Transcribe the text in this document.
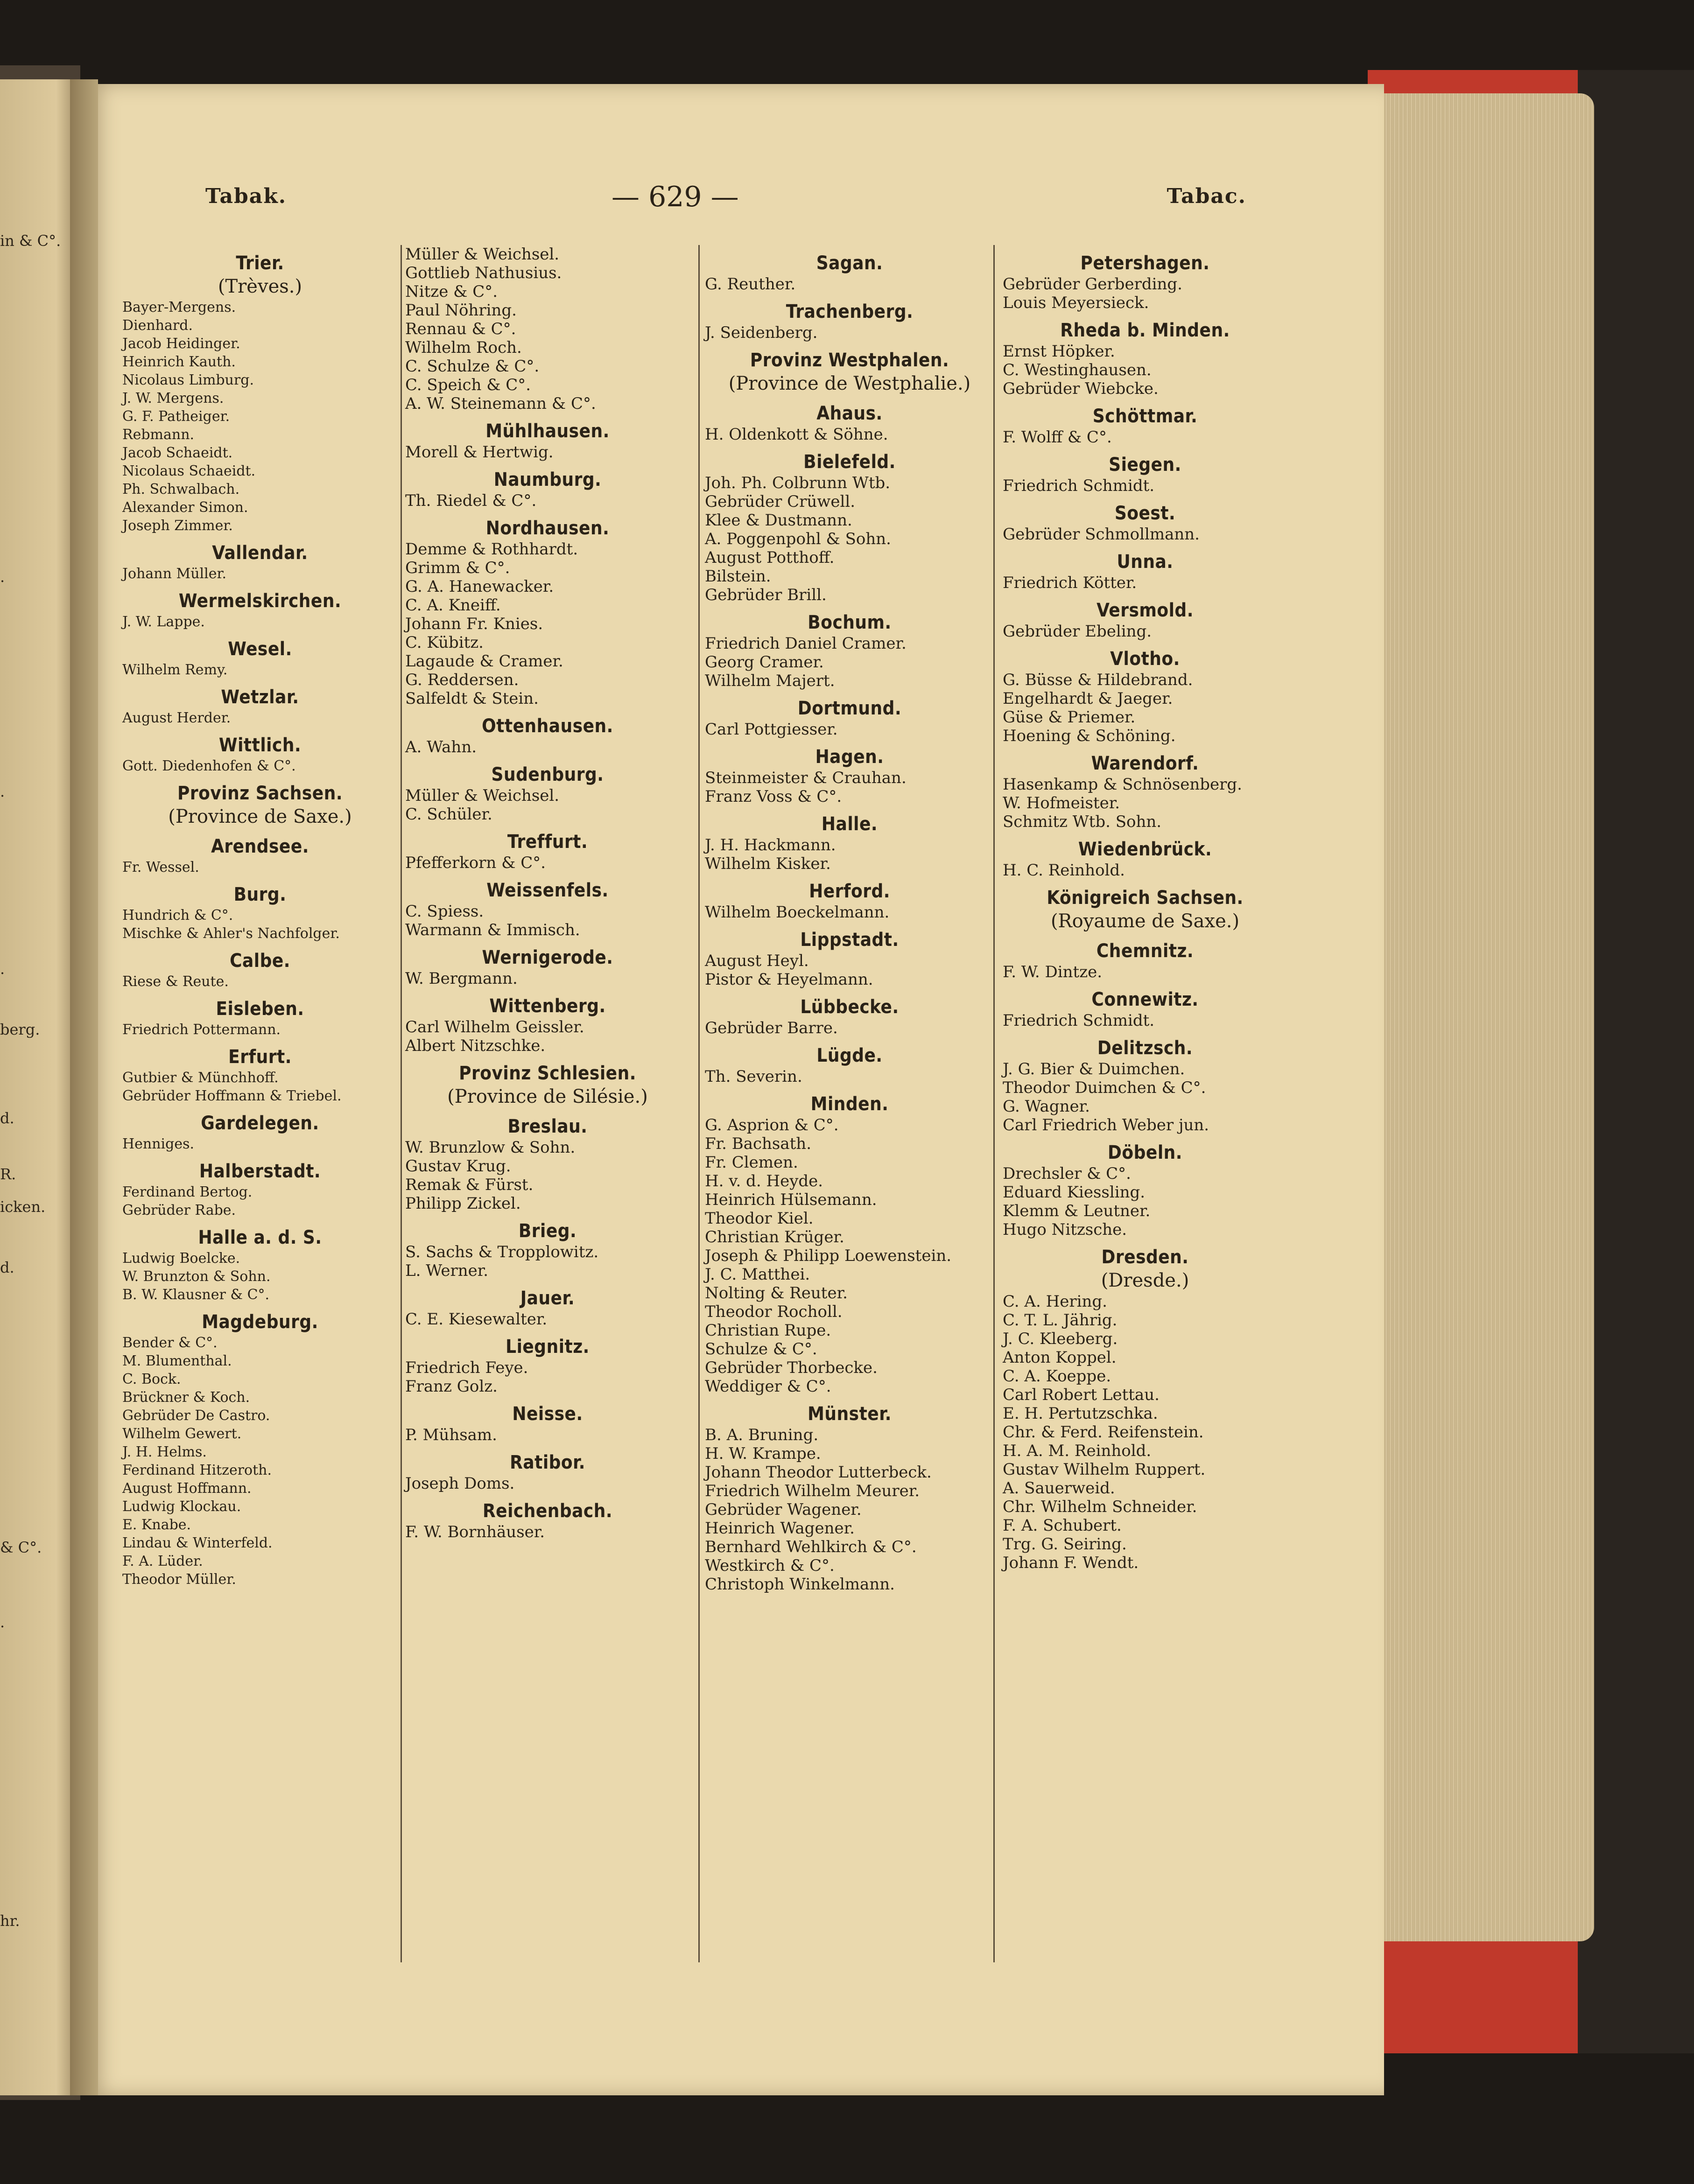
in & C°.
.
.
.
berg.
d.
R.
icken.
d.
& C°.
.
hr.
Tabak.	— 629 —	Tabac.
Trier.
(Trèves.)
Bayer-Mergens.
Dienhard.
Jacob Heidinger.
Heinrich Kauth.
Nicolaus Limburg.
J. W. Mergens.
G. F. Patheiger.
Rebmann.
Jacob Schaeidt.
Nicolaus Schaeidt.
Ph. Schwalbach.
Alexander Simon.
Joseph Zimmer.
Vallendar.
Johann Müller.
Wermelskirchen.
J. W. Lappe.
Wesel.
Wilhelm Remy.
Wetzlar.
August Herder.
Wittlich.
Gott. Diedenhofen & C°.
Provinz Sachsen.
(Province de Saxe.)
Arendsee.
Fr. Wessel.
Burg.
Hundrich & C°.
Mischke & Ahler's Nachfolger.
Calbe.
Riese & Reute.
Eisleben.
Friedrich Pottermann.
Erfurt.
Gutbier & Münchhoff.
Gebrüder Hoffmann & Triebel.
Gardelegen.
Henniges.
Halberstadt.
Ferdinand Bertog.
Gebrüder Rabe.
Halle a. d. S.
Ludwig Boelcke.
W. Brunzton & Sohn.
B. W. Klausner & C°.
Magdeburg.
Bender & C°.
M. Blumenthal.
C. Bock.
Brückner & Koch.
Gebrüder De Castro.
Wilhelm Gewert.
J. H. Helms.
Ferdinand Hitzeroth.
August Hoffmann.
Ludwig Klockau.
E. Knabe.
Lindau & Winterfeld.
F. A. Lüder.
Theodor Müller.
Müller & Weichsel.
Gottlieb Nathusius.
Nitze & C°.
Paul Nöhring.
Rennau & C°.
Wilhelm Roch.
C. Schulze & C°.
C. Speich & C°.
A. W. Steinemann & C°.
Mühlhausen.
Morell & Hertwig.
Naumburg.
Th. Riedel & C°.
Nordhausen.
Demme & Rothhardt.
Grimm & C°.
G. A. Hanewacker.
C. A. Kneiff.
Johann Fr. Knies.
C. Kübitz.
Lagaude & Cramer.
G. Reddersen.
Salfeldt & Stein.
Ottenhausen.
A. Wahn.
Sudenburg.
Müller & Weichsel.
C. Schüler.
Treffurt.
Pfefferkorn & C°.
Weissenfels.
C. Spiess.
Warmann & Immisch.
Wernigerode.
W. Bergmann.
Wittenberg.
Carl Wilhelm Geissler.
Albert Nitzschke.
Provinz Schlesien.
(Province de Silésie.)
Breslau.
W. Brunzlow & Sohn.
Gustav Krug.
Remak & Fürst.
Philipp Zickel.
Brieg.
S. Sachs & Tropplowitz.
L. Werner.
Jauer.
C. E. Kiesewalter.
Liegnitz.
Friedrich Feye.
Franz Golz.
Neisse.
P. Mühsam.
Ratibor.
Joseph Doms.
Reichenbach.
F. W. Bornhäuser.
Sagan.
G. Reuther.
Trachenberg.
J. Seidenberg.
Provinz Westphalen.
(Province de Westphalie.)
Ahaus.
H. Oldenkott & Söhne.
Bielefeld.
Joh. Ph. Colbrunn Wtb.
Gebrüder Crüwell.
Klee & Dustmann.
A. Poggenpohl & Sohn.
August Potthoff.
Bilstein.
Gebrüder Brill.
Bochum.
Friedrich Daniel Cramer.
Georg Cramer.
Wilhelm Majert.
Dortmund.
Carl Pottgiesser.
Hagen.
Steinmeister & Crauhan.
Franz Voss & C°.
Halle.
J. H. Hackmann.
Wilhelm Kisker.
Herford.
Wilhelm Boeckelmann.
Lippstadt.
August Heyl.
Pistor & Heyelmann.
Lübbecke.
Gebrüder Barre.
Lügde.
Th. Severin.
Minden.
G. Asprion & C°.
Fr. Bachsath.
Fr. Clemen.
H. v. d. Heyde.
Heinrich Hülsemann.
Theodor Kiel.
Christian Krüger.
Joseph & Philipp Loewenstein.
J. C. Matthei.
Nolting & Reuter.
Theodor Rocholl.
Christian Rupe.
Schulze & C°.
Gebrüder Thorbecke.
Weddiger & C°.
Münster.
B. A. Bruning.
H. W. Krampe.
Johann Theodor Lutterbeck.
Friedrich Wilhelm Meurer.
Gebrüder Wagener.
Heinrich Wagener.
Bernhard Wehlkirch & C°.
Westkirch & C°.
Christoph Winkelmann.
Petershagen.
Gebrüder Gerberding.
Louis Meyersieck.
Rheda b. Minden.
Ernst Höpker.
C. Westinghausen.
Gebrüder Wiebcke.
Schöttmar.
F. Wolff & C°.
Siegen.
Friedrich Schmidt.
Soest.
Gebrüder Schmollmann.
Unna.
Friedrich Kötter.
Versmold.
Gebrüder Ebeling.
Vlotho.
G. Büsse & Hildebrand.
Engelhardt & Jaeger.
Güse & Priemer.
Hoening & Schöning.
Warendorf.
Hasenkamp & Schnösenberg.
W. Hofmeister.
Schmitz Wtb. Sohn.
Wiedenbrück.
H. C. Reinhold.
Königreich Sachsen.
(Royaume de Saxe.)
Chemnitz.
F. W. Dintze.
Connewitz.
Friedrich Schmidt.
Delitzsch.
J. G. Bier & Duimchen.
Theodor Duimchen & C°.
G. Wagner.
Carl Friedrich Weber jun.
Döbeln.
Drechsler & C°.
Eduard Kiessling.
Klemm & Leutner.
Hugo Nitzsche.
Dresden.
(Dresde.)
C. A. Hering.
C. T. L. Jährig.
J. C. Kleeberg.
Anton Koppel.
C. A. Koeppe.
Carl Robert Lettau.
E. H. Pertutzschka.
Chr. & Ferd. Reifenstein.
H. A. M. Reinhold.
Gustav Wilhelm Ruppert.
A. Sauerweid.
Chr. Wilhelm Schneider.
F. A. Schubert.
Trg. G. Seiring.
Johann F. Wendt.
